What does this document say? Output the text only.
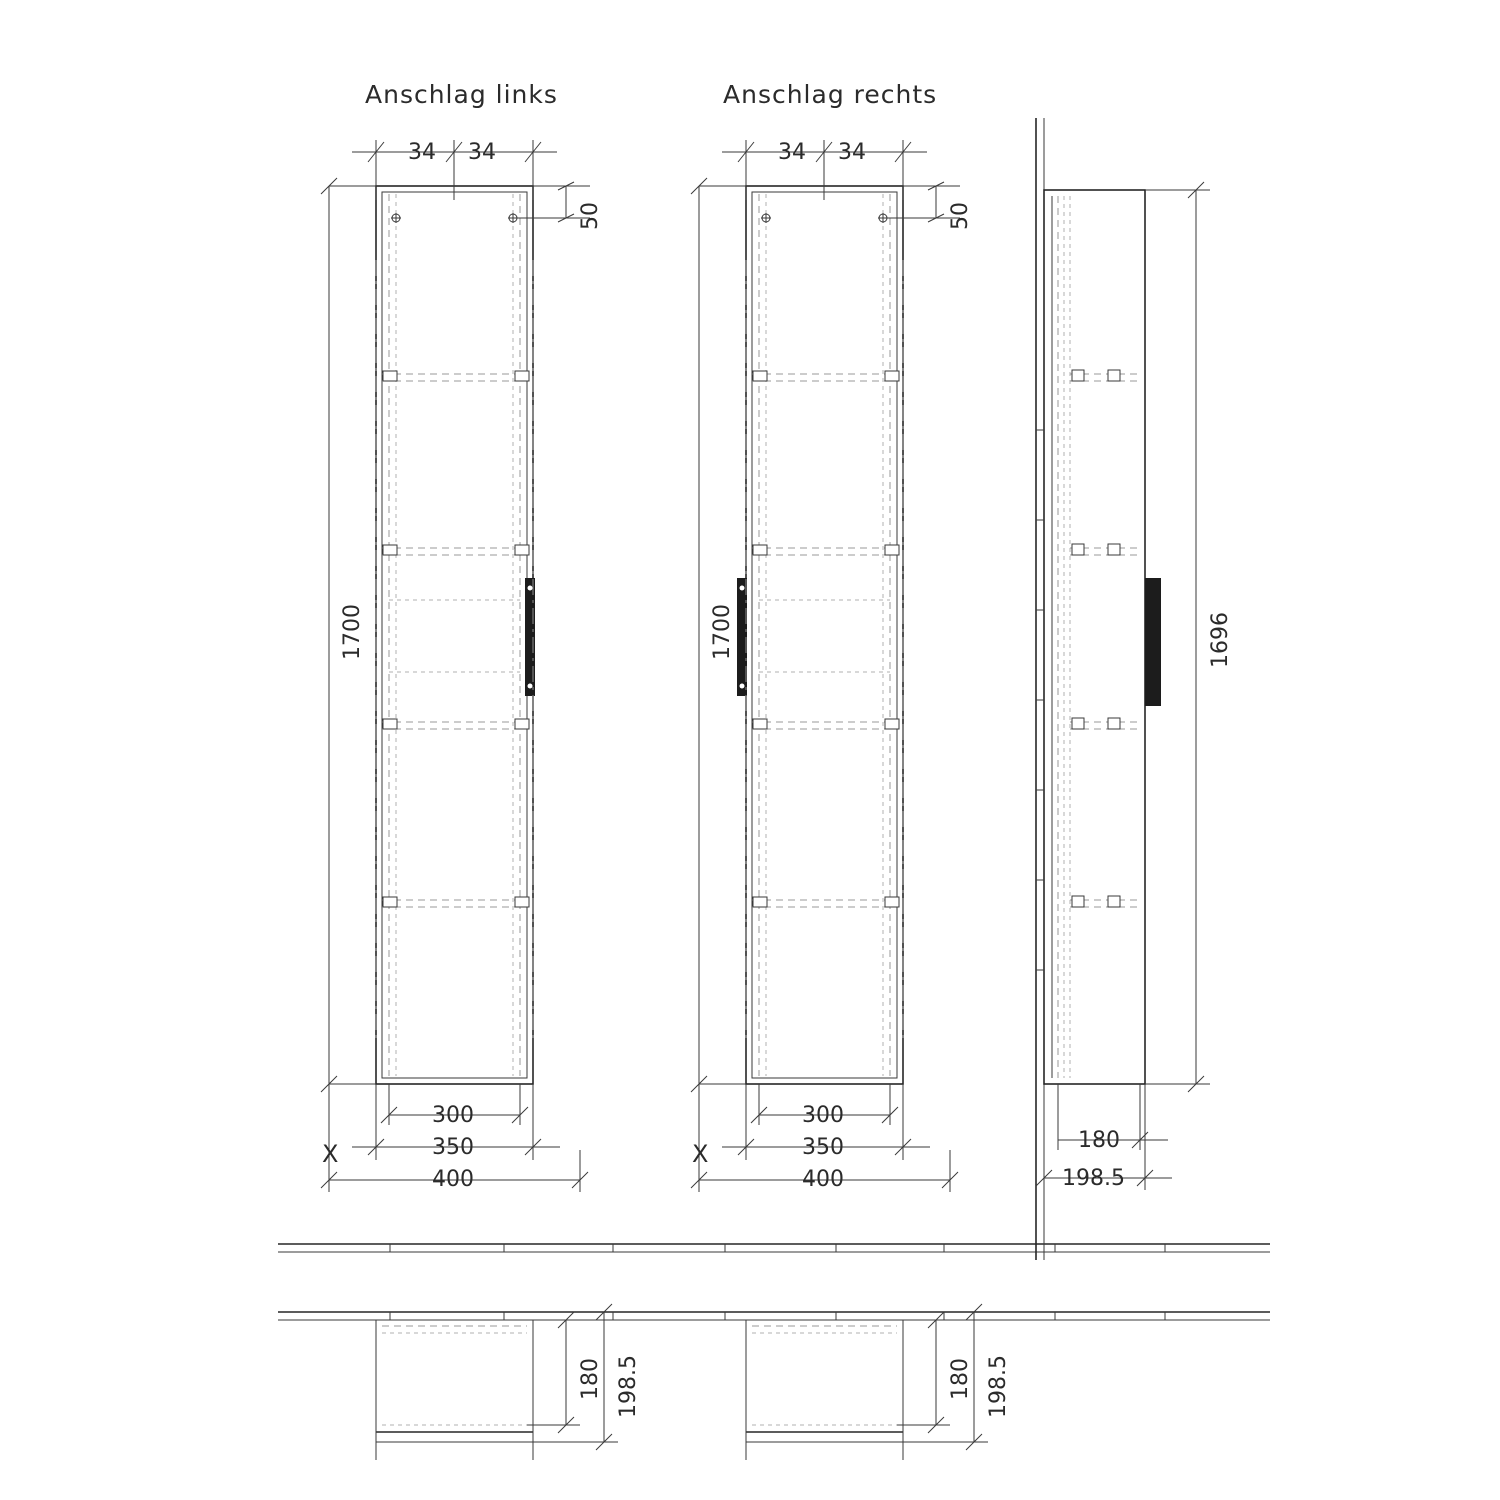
Anschlag links	Anschlag rechts
34 34
50
1700
300
350
400
X
34 34
50
1700
300
350
400
X
1696
180
198.5
180 198.5	180 198.5
